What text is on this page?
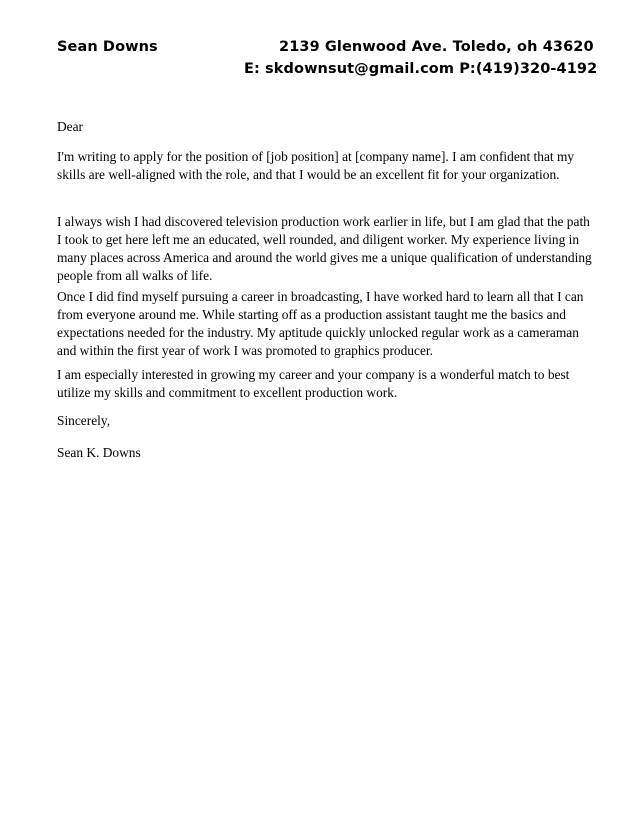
Sean Downs	2139 Glenwood Ave. Toledo, oh 43620
E: skdownsut@gmail.com P:(419)320-4192

Dear

I'm writing to apply for the position of [job position] at [company name]. I am confident that my skills are well-aligned with the role, and that I would be an excellent fit for your organization.

I always wish I had discovered television production work earlier in life, but I am glad that the path I took to get here left me an educated, well rounded, and diligent worker. My experience living in many places across America and around the world gives me a unique qualification of understanding people from all walks of life.

Once I did find myself pursuing a career in broadcasting, I have worked hard to learn all that I can from everyone around me. While starting off as a production assistant taught me the basics and expectations needed for the industry. My aptitude quickly unlocked regular work as a cameraman and within the first year of work I was promoted to graphics producer.

I am especially interested in growing my career and your company is a wonderful match to best utilize my skills and commitment to excellent production work.

Sincerely,

Sean K. Downs
